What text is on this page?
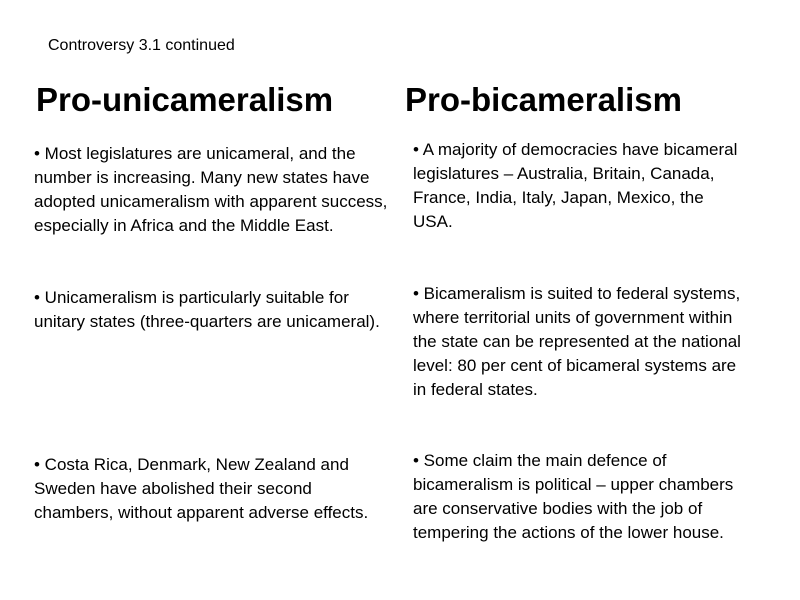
Controversy 3.1 continued
Pro-unicameralism Pro-bicameralism

• Most legislatures are unicameral, and the number is increasing. Many new states have adopted unicameralism with apparent success, especially in Africa and the Middle East.

• Unicameralism is particularly suitable for unitary states (three-quarters are unicameral).

• Costa Rica, Denmark, New Zealand and Sweden have abolished their second chambers, without apparent adverse effects.

• A majority of democracies have bicameral legislatures – Australia, Britain, Canada, France, India, Italy, Japan, Mexico, the USA.

• Bicameralism is suited to federal systems, where territorial units of government within the state can be represented at the national level: 80 per cent of bicameral systems are in federal states.

• Some claim the main defence of bicameralism is political – upper chambers are conservative bodies with the job of tempering the actions of the lower house.
